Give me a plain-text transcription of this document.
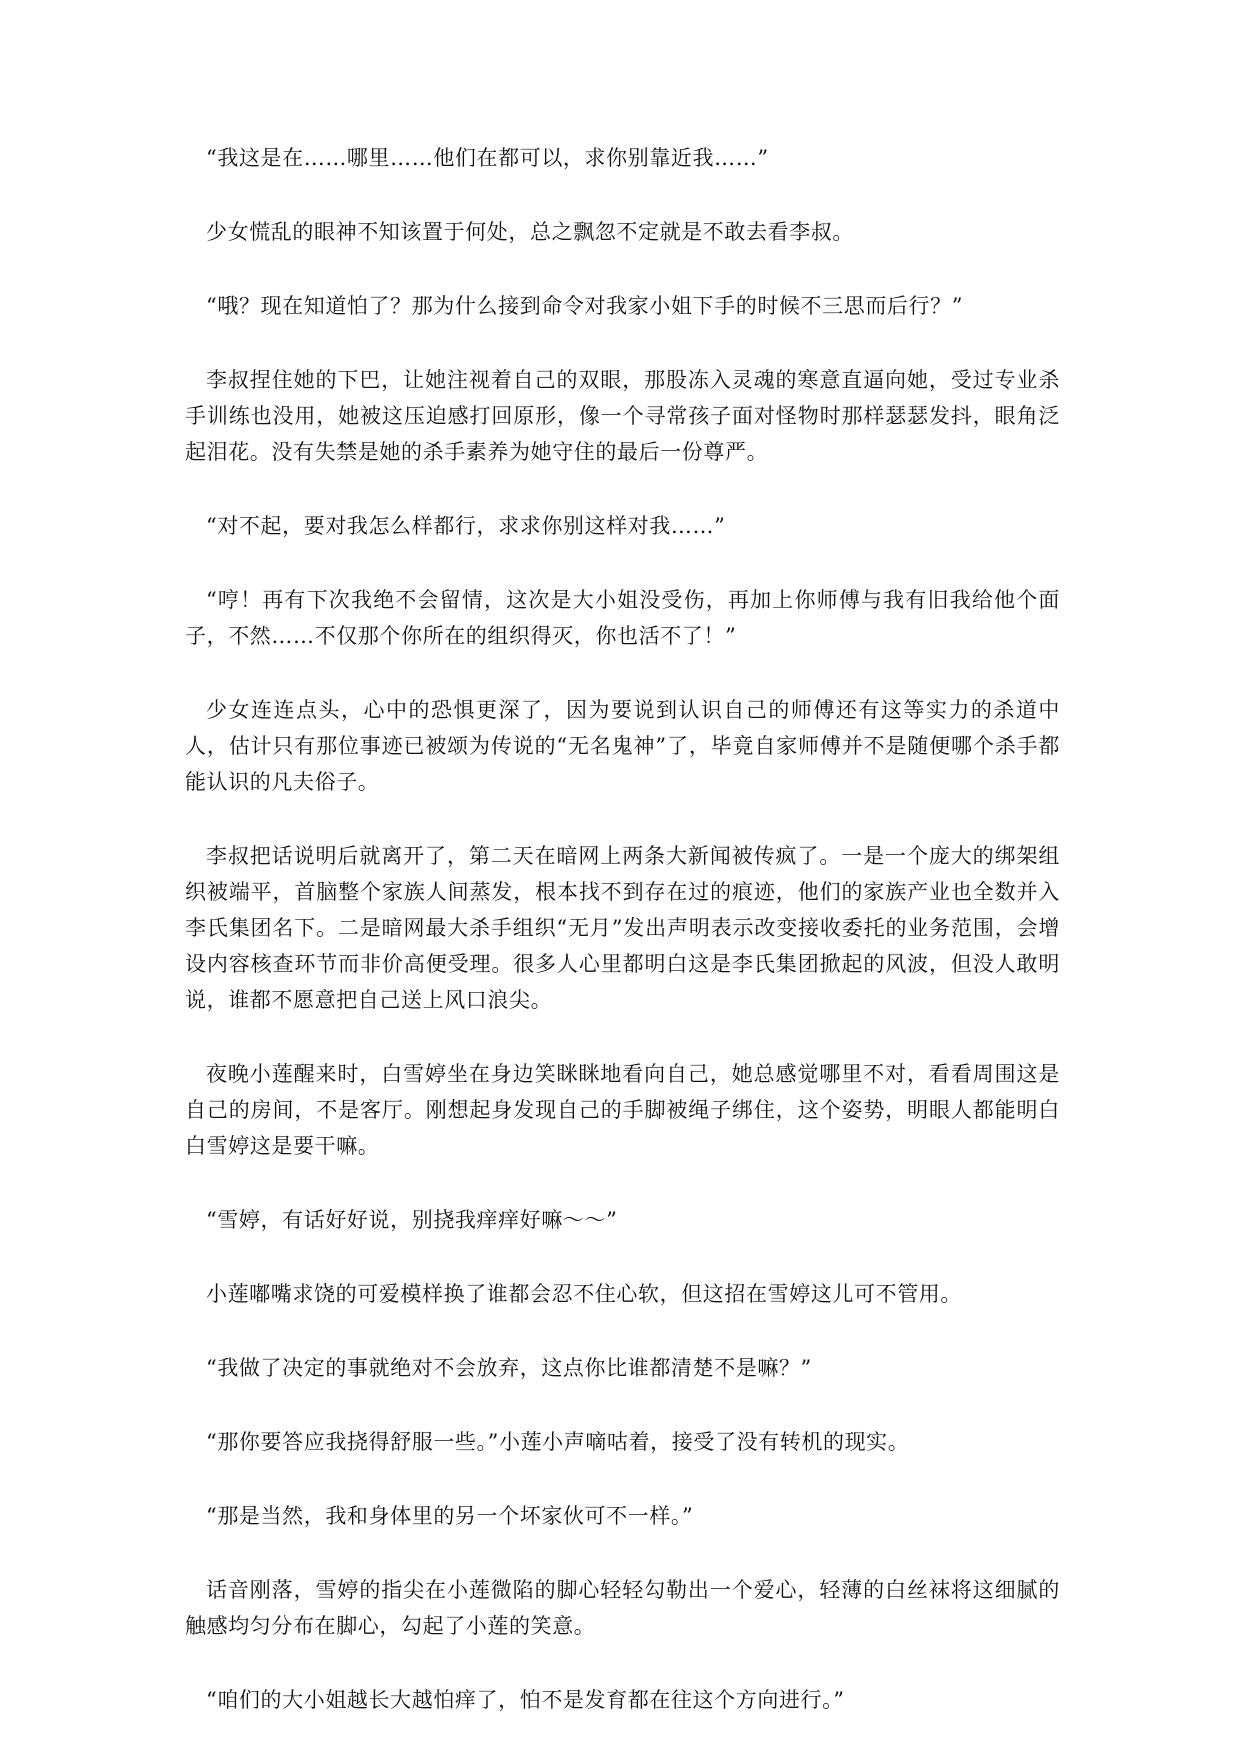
“我这是在……哪里……他们在都可以，求你别靠近我……”

少女慌乱的眼神不知该置于何处，总之飘忽不定就是不敢去看李叔。

“哦？现在知道怕了？那为什么接到命令对我家小姐下手的时候不三思而后行？”

李叔捏住她的下巴，让她注视着自己的双眼，那股冻入灵魂的寒意直逼向她，受过专业杀手训练也没用，她被这压迫感打回原形，像一个寻常孩子面对怪物时那样瑟瑟发抖，眼角泛起泪花。没有失禁是她的杀手素养为她守住的最后一份尊严。

“对不起，要对我怎么样都行，求求你别这样对我……”

“哼！再有下次我绝不会留情，这次是大小姐没受伤，再加上你师傅与我有旧我给他个面子，不然……不仅那个你所在的组织得灭，你也活不了！”

少女连连点头，心中的恐惧更深了，因为要说到认识自己的师傅还有这等实力的杀道中人，估计只有那位事迹已被颂为传说的“无名鬼神”了，毕竟自家师傅并不是随便哪个杀手都能认识的凡夫俗子。

李叔把话说明后就离开了，第二天在暗网上两条大新闻被传疯了。一是一个庞大的绑架组织被端平，首脑整个家族人间蒸发，根本找不到存在过的痕迹，他们的家族产业也全数并入李氏集团名下。二是暗网最大杀手组织“无月”发出声明表示改变接收委托的业务范围，会增设内容核查环节而非价高便受理。很多人心里都明白这是李氏集团掀起的风波，但没人敢明说，谁都不愿意把自己送上风口浪尖。

夜晚小莲醒来时，白雪婷坐在身边笑眯眯地看向自己，她总感觉哪里不对，看看周围这是自己的房间，不是客厅。刚想起身发现自己的手脚被绳子绑住，这个姿势，明眼人都能明白白雪婷这是要干嘛。

“雪婷，有话好好说，别挠我痒痒好嘛～～”

小莲嘟嘴求饶的可爱模样换了谁都会忍不住心软，但这招在雪婷这儿可不管用。

“我做了决定的事就绝对不会放弃，这点你比谁都清楚不是嘛？”

“那你要答应我挠得舒服一些。”小莲小声嘀咕着，接受了没有转机的现实。

“那是当然，我和身体里的另一个坏家伙可不一样。”

话音刚落，雪婷的指尖在小莲微陷的脚心轻轻勾勒出一个爱心，轻薄的白丝袜将这细腻的触感均匀分布在脚心，勾起了小莲的笑意。

“咱们的大小姐越长大越怕痒了，怕不是发育都在往这个方向进行。”
